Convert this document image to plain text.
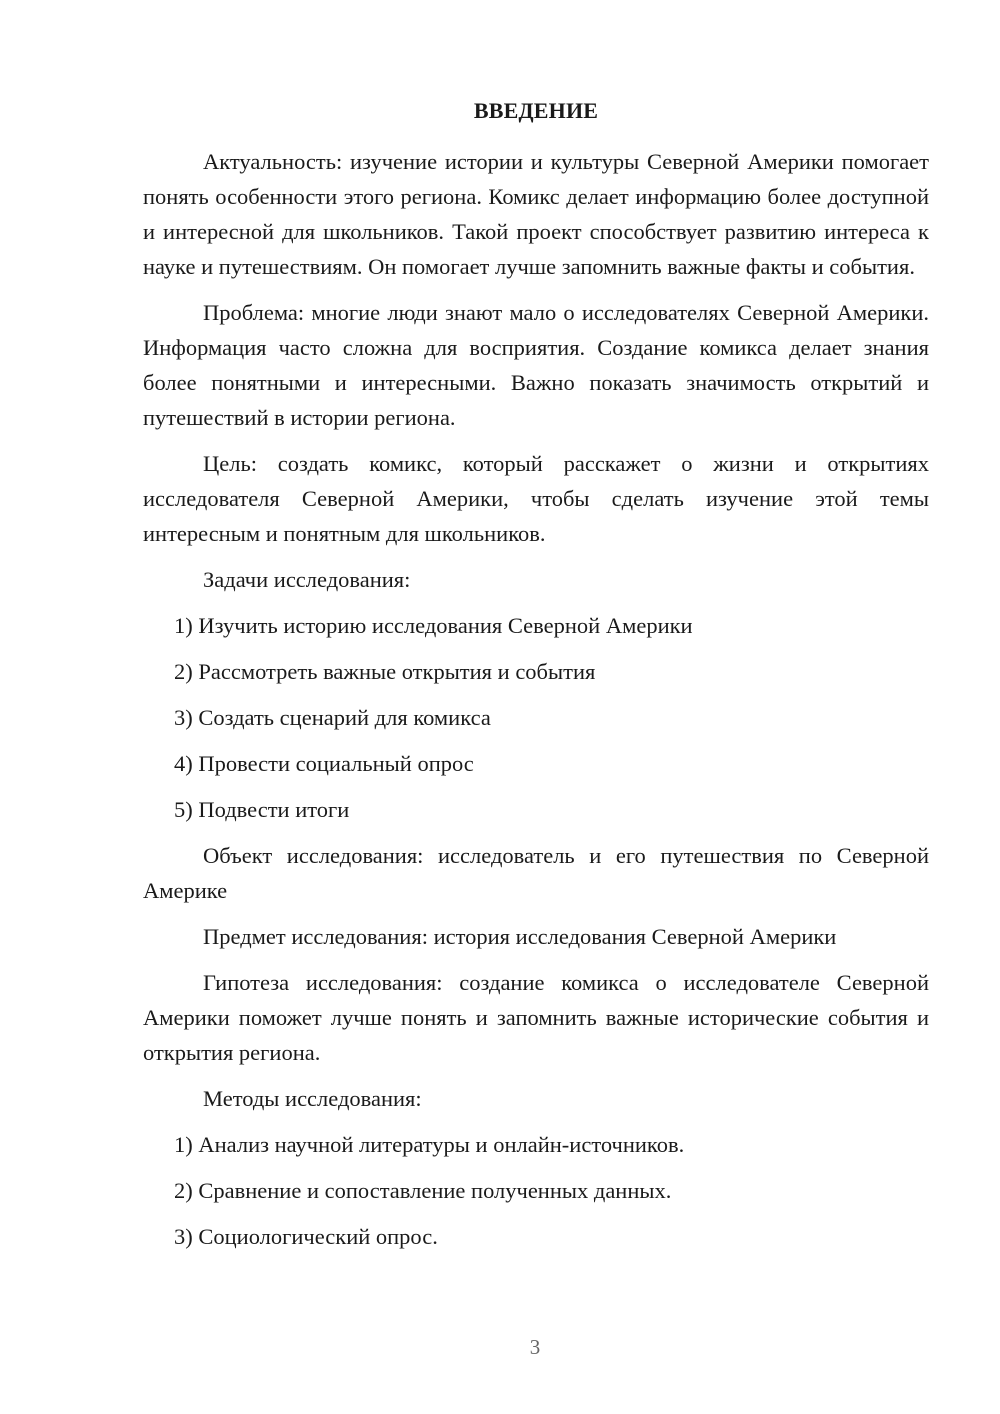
ВВЕДЕНИЕ

Актуальность: изучение истории и культуры Северной Америки помогает понять особенности этого региона. Комикс делает информацию более доступной и интересной для школьников. Такой проект способствует развитию интереса к науке и путешествиям. Он помогает лучше запомнить важные факты и события.

Проблема: многие люди знают мало о исследователях Северной Америки. Информация часто сложна для восприятия. Создание комикса делает знания более понятными и интересными. Важно показать значимость открытий и путешествий в истории региона.

Цель: создать комикс, который расскажет о жизни и открытиях исследователя Северной Америки, чтобы сделать изучение этой темы интересным и понятным для школьников.

Задачи исследования:

1) Изучить историю исследования Северной Америки
2) Рассмотреть важные открытия и события
3) Создать сценарий для комикса
4) Провести социальный опрос
5) Подвести итоги

Объект исследования: исследователь и его путешествия по Северной Америке

Предмет исследования: история исследования Северной Америки

Гипотеза исследования: создание комикса о исследователе Северной Америки поможет лучше понять и запомнить важные исторические события и открытия региона.

Методы исследования:

1) Анализ научной литературы и онлайн-источников.
2) Сравнение и сопоставление полученных данных.
3) Социологический опрос.
3
